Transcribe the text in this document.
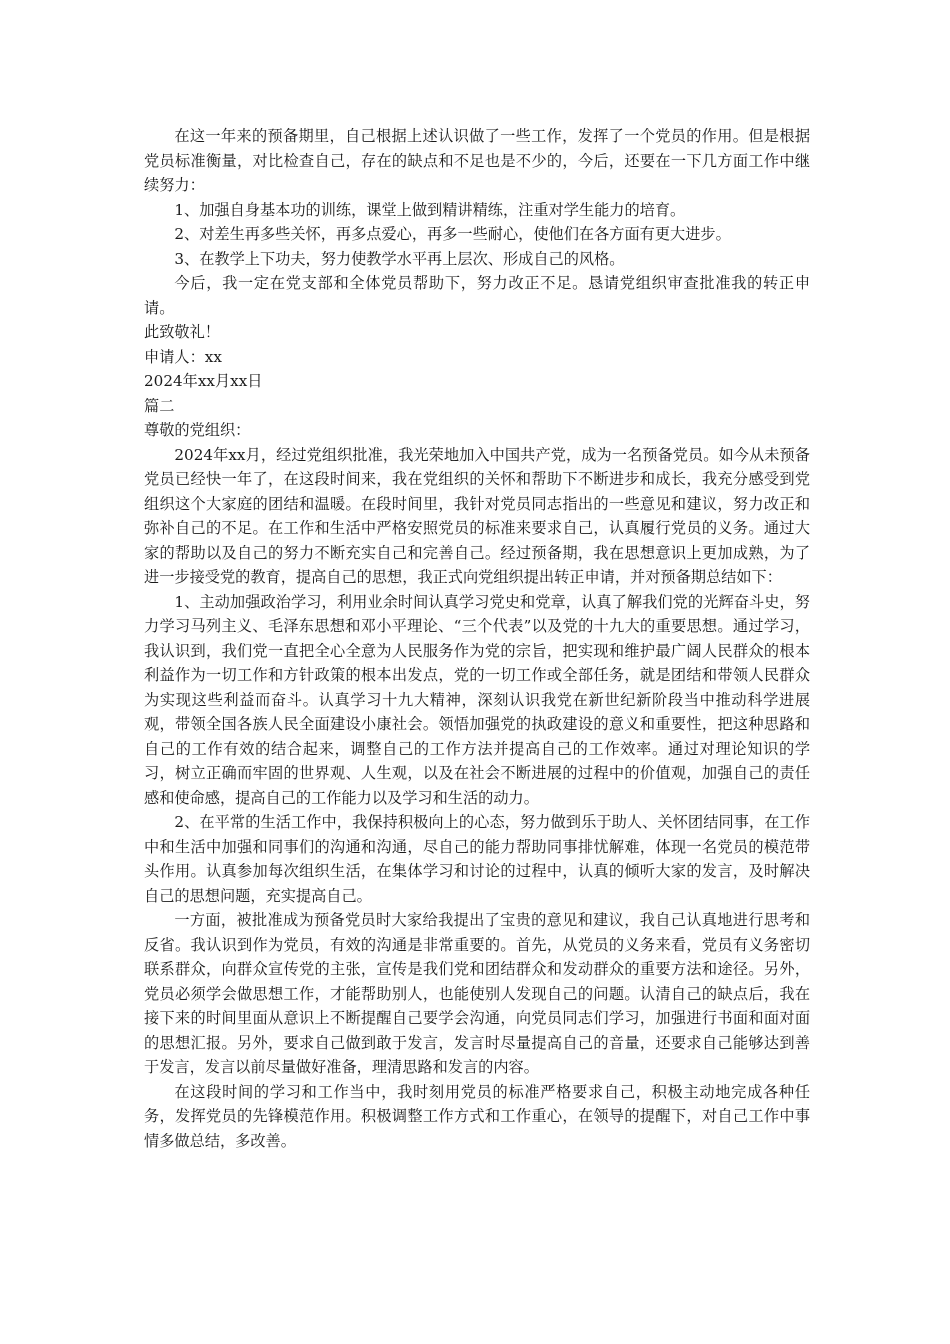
在这一年来的预备期里，自己根据上述认识做了一些工作，发挥了一个党员的作用。但是根据党员标准衡量，对比检查自己，存在的缺点和不足也是不少的，今后，还要在一下几方面工作中继续努力：

1、加强自身基本功的训练，课堂上做到精讲精练，注重对学生能力的培育。

2、对差生再多些关怀，再多点爱心，再多一些耐心，使他们在各方面有更大进步。

3、在教学上下功夫，努力使教学水平再上层次、形成自己的风格。

今后，我一定在党支部和全体党员帮助下，努力改正不足。恳请党组织审查批准我的转正申请。

此致敬礼！

申请人：xx

2024年xx月xx日

篇二

尊敬的党组织：

2024年xx月，经过党组织批准，我光荣地加入中国共产党，成为一名预备党员。如今从未预备党员已经快一年了，在这段时间来，我在党组织的关怀和帮助下不断进步和成长，我充分感受到党组织这个大家庭的团结和温暖。在段时间里，我针对党员同志指出的一些意见和建议，努力改正和弥补自己的不足。在工作和生活中严格安照党员的标准来要求自己，认真履行党员的义务。通过大家的帮助以及自己的努力不断充实自己和完善自己。经过预备期，我在思想意识上更加成熟，为了进一步接受党的教育，提高自己的思想，我正式向党组织提出转正申请，并对预备期总结如下：

1、主动加强政治学习，利用业余时间认真学习党史和党章，认真了解我们党的光辉奋斗史，努力学习马列主义、毛泽东思想和邓小平理论、“三个代表”以及党的十九大的重要思想。通过学习，我认识到，我们党一直把全心全意为人民服务作为党的宗旨，把实现和维护最广阔人民群众的根本利益作为一切工作和方针政策的根本出发点，党的一切工作或全部任务，就是团结和带领人民群众为实现这些利益而奋斗。认真学习十九大精神，深刻认识我党在新世纪新阶段当中推动科学进展观，带领全国各族人民全面建设小康社会。领悟加强党的执政建设的意义和重要性，把这种思路和自己的工作有效的结合起来，调整自己的工作方法并提高自己的工作效率。通过对理论知识的学习，树立正确而牢固的世界观、人生观，以及在社会不断进展的过程中的价值观，加强自己的责任感和使命感，提高自己的工作能力以及学习和生活的动力。

2、在平常的生活工作中，我保持积极向上的心态，努力做到乐于助人、关怀团结同事，在工作中和生活中加强和同事们的沟通和沟通，尽自己的能力帮助同事排忧解难，体现一名党员的模范带头作用。认真参加每次组织生活，在集体学习和讨论的过程中，认真的倾听大家的发言，及时解决自己的思想问题，充实提高自己。

一方面，被批准成为预备党员时大家给我提出了宝贵的意见和建议，我自己认真地进行思考和反省。我认识到作为党员，有效的沟通是非常重要的。首先，从党员的义务来看，党员有义务密切联系群众，向群众宣传党的主张，宣传是我们党和团结群众和发动群众的重要方法和途径。另外，党员必须学会做思想工作，才能帮助别人，也能使别人发现自己的问题。认清自己的缺点后，我在接下来的时间里面从意识上不断提醒自己要学会沟通，向党员同志们学习，加强进行书面和面对面的思想汇报。另外，要求自己做到敢于发言，发言时尽量提高自己的音量，还要求自己能够达到善于发言，发言以前尽量做好准备，理清思路和发言的内容。

在这段时间的学习和工作当中，我时刻用党员的标准严格要求自己，积极主动地完成各种任务，发挥党员的先锋模范作用。积极调整工作方式和工作重心，在领导的提醒下，对自己工作中事情多做总结，多改善。
